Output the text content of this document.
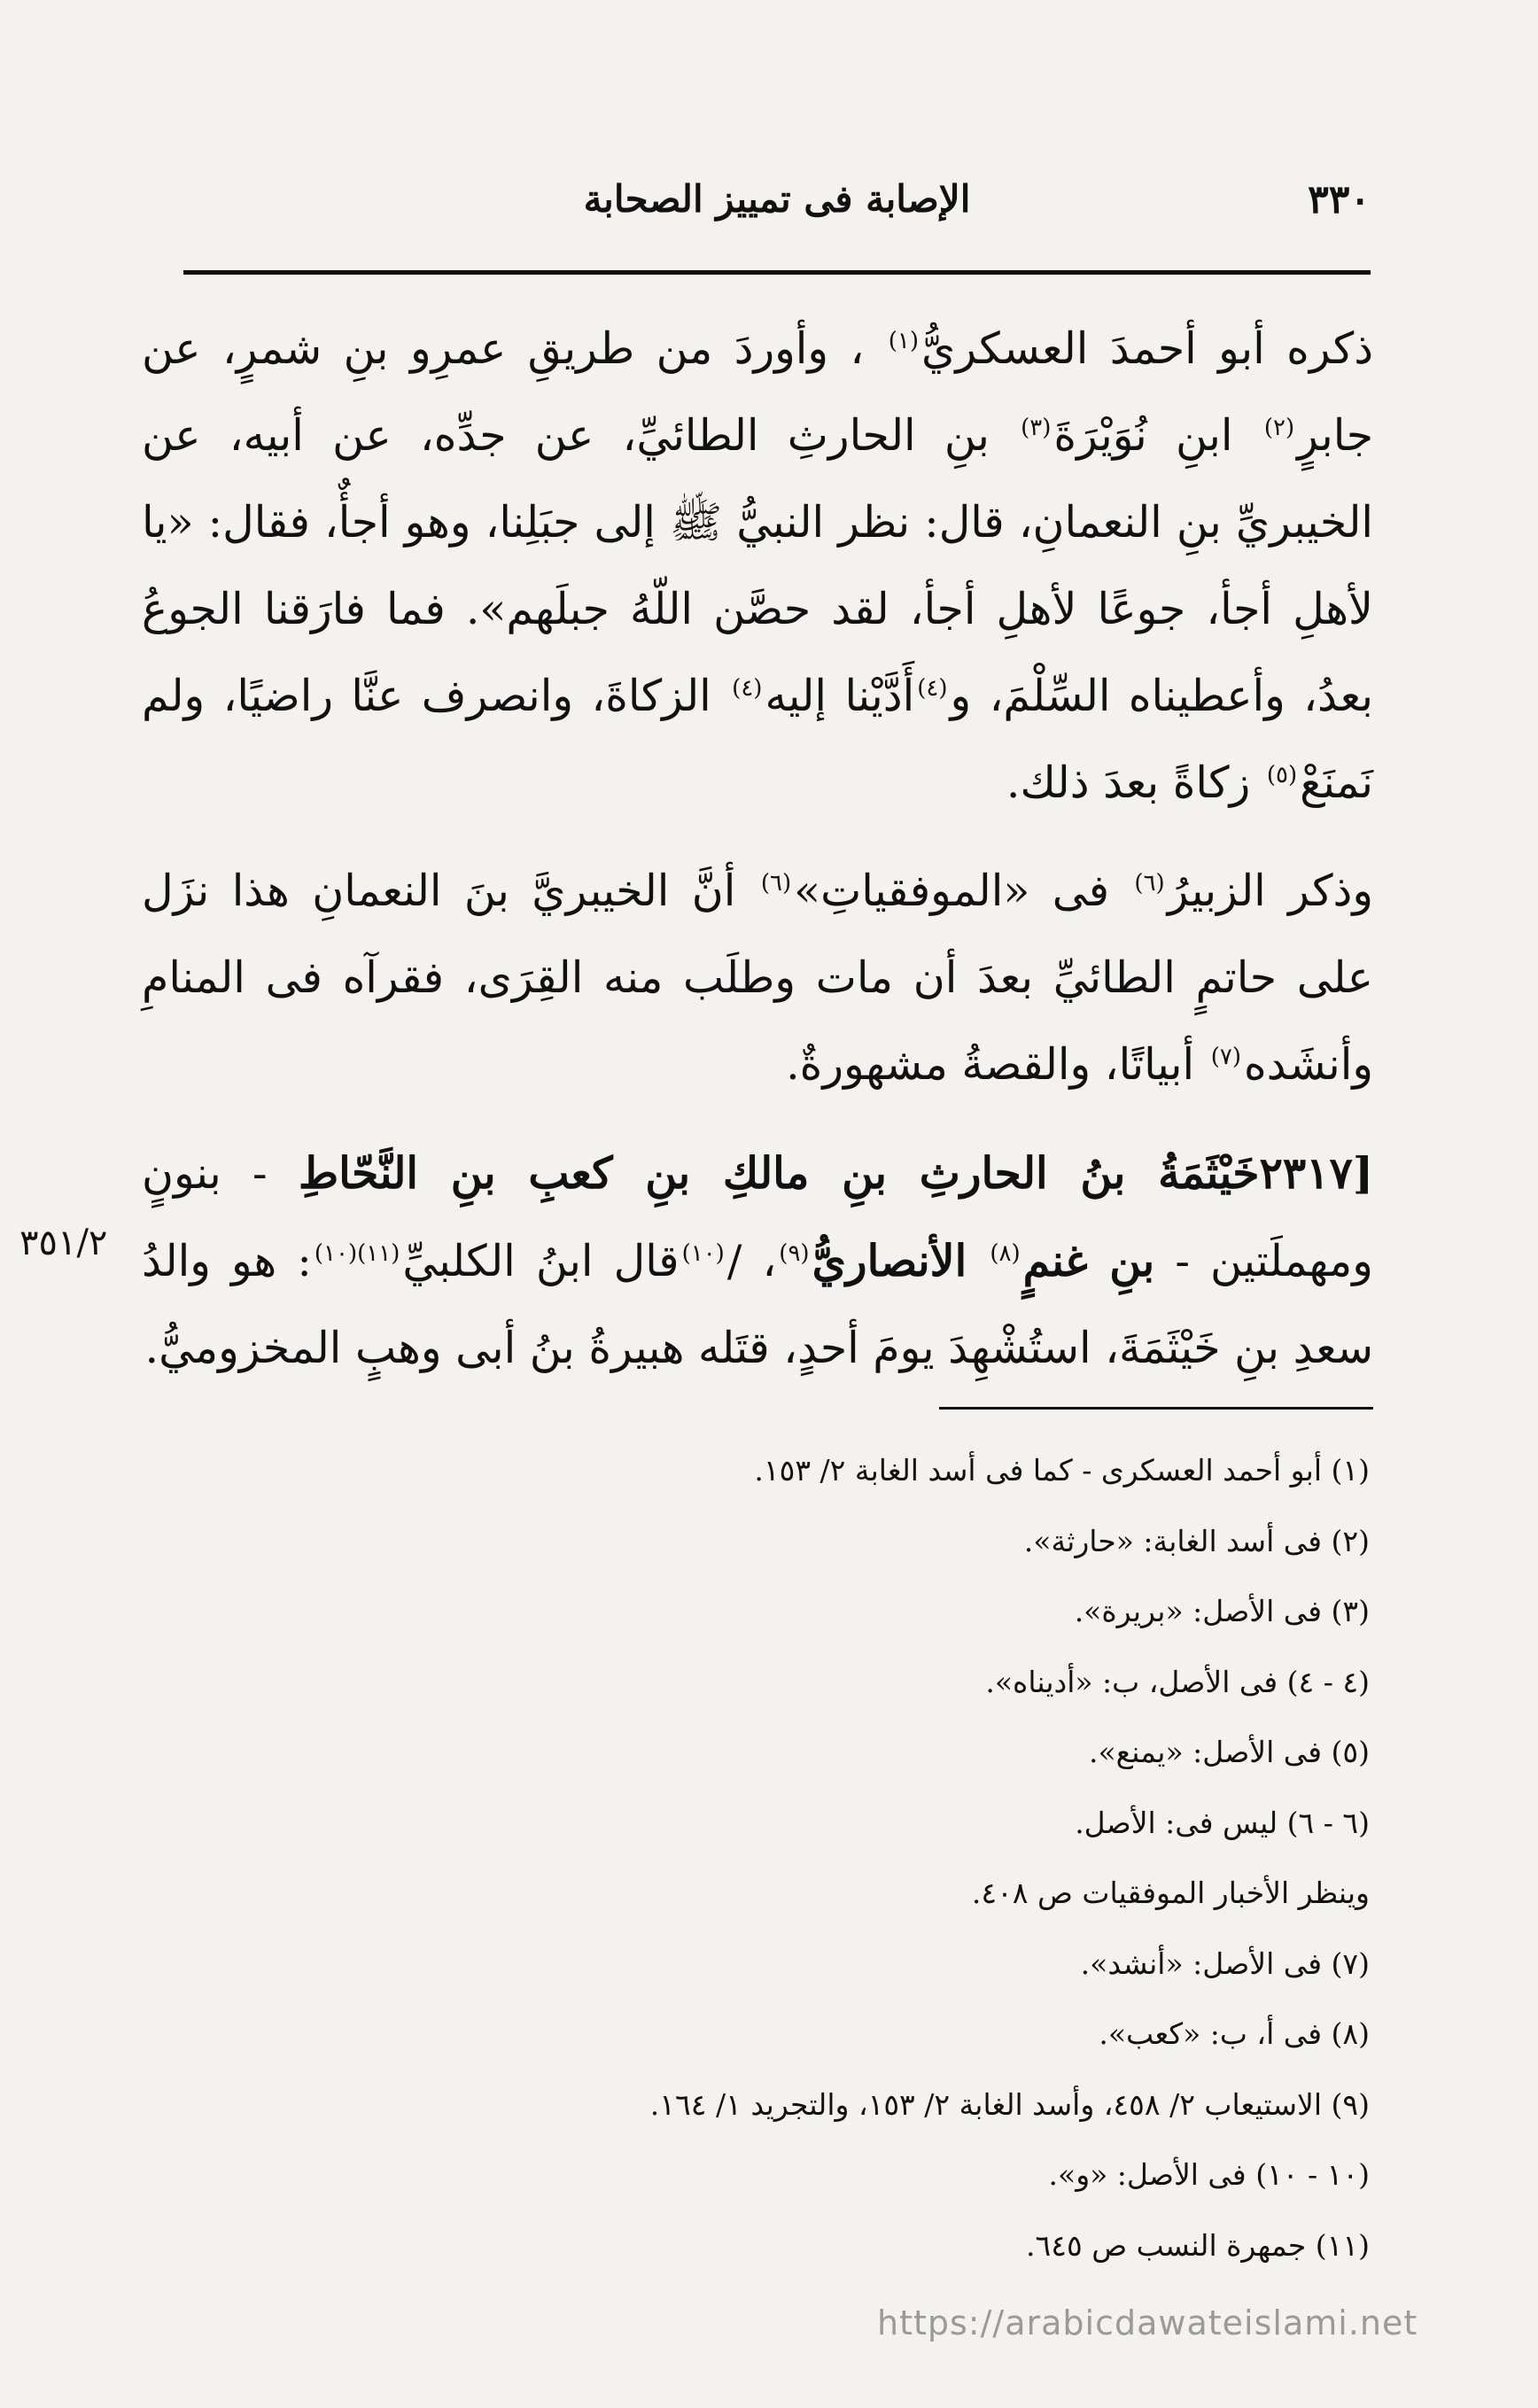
٣٣٠
الإصابة فى تمييز الصحابة

ذكره أبو أحمدَ العسكريُّ$^{(١)}$ ، وأوردَ من طريقِ عمرِو بنِ شمرٍ، عن جابرٍ$^{(٢)}$ ابنِ نُوَيْرَةَ$^{(٣)}$ بنِ الحارثِ الطائيِّ، عن جدِّه، عن أبيه، عن الخيبريِّ بنِ النعمانِ، قال: نظر النبيُّ ﷺ إلى جبَلِنا، وهو أجأٌ، فقال: «يا لأهلِ أجأ، جوعًا لأهلِ أجأ، لقد حصَّن اللّهُ جبلَهم». فما فارَقنا الجوعُ بعدُ، وأعطيناه السِّلْمَ، و$^{(٤)}$أَدَّيْنا إليه$^{(٤)}$ الزكاةَ، وانصرف عنَّا راضيًا، ولم نَمنَعْ$^{(٥)}$ زكاةً بعدَ ذلك.

وذكر الزبيرُ$^{(٦)}$ فى «الموفقياتِ»$^{(٦)}$ أنَّ الخيبريَّ بنَ النعمانِ هذا نزَل على حاتمٍ الطائيِّ بعدَ أن مات وطلَب منه القِرَى، فقرآه فى المنامِ وأنشَده$^{(٧)}$ أبياتًا، والقصةُ مشهورةٌ.

[٢٣١٧خَيْثَمَةُ بنُ الحارثِ بنِ مالكِ بنِ كعبِ بنِ النَّحّاطِ - بنونٍ ومهملَتين - بنِ غنمٍ$^{(٨)}$ الأنصاريُّ$^{(٩)}$، /$^{(١٠)}$قال ابنُ الكلبيِّ$^{(١١)(١٠)}$: هو والدُ سعدِ بنِ خَيْثَمَةَ، استُشْهِدَ يومَ أحدٍ، قتَله هبيرةُ بنُ أبى وهبٍ المخزوميُّ.

٣٥١/٢

(١) أبو أحمد العسكرى - كما فى أسد الغابة ٢/ ١٥٣.

(٢) فى أسد الغابة: «حارثة».

(٣) فى الأصل: «بريرة».

(٤ - ٤) فى الأصل، ب: «أديناه».

(٥) فى الأصل: «يمنع».

(٦ - ٦) ليس فى: الأصل.

وينظر الأخبار الموفقيات ص ٤٠٨.

(٧) فى الأصل: «أنشد».

(٨) فى أ، ب: «كعب».

(٩) الاستيعاب ٢/ ٤٥٨، وأسد الغابة ٢/ ١٥٣، والتجريد ١/ ١٦٤.

(١٠ - ١٠) فى الأصل: «و».

(١١) جمهرة النسب ص ٦٤٥.

https://arabicdawateislami.net
